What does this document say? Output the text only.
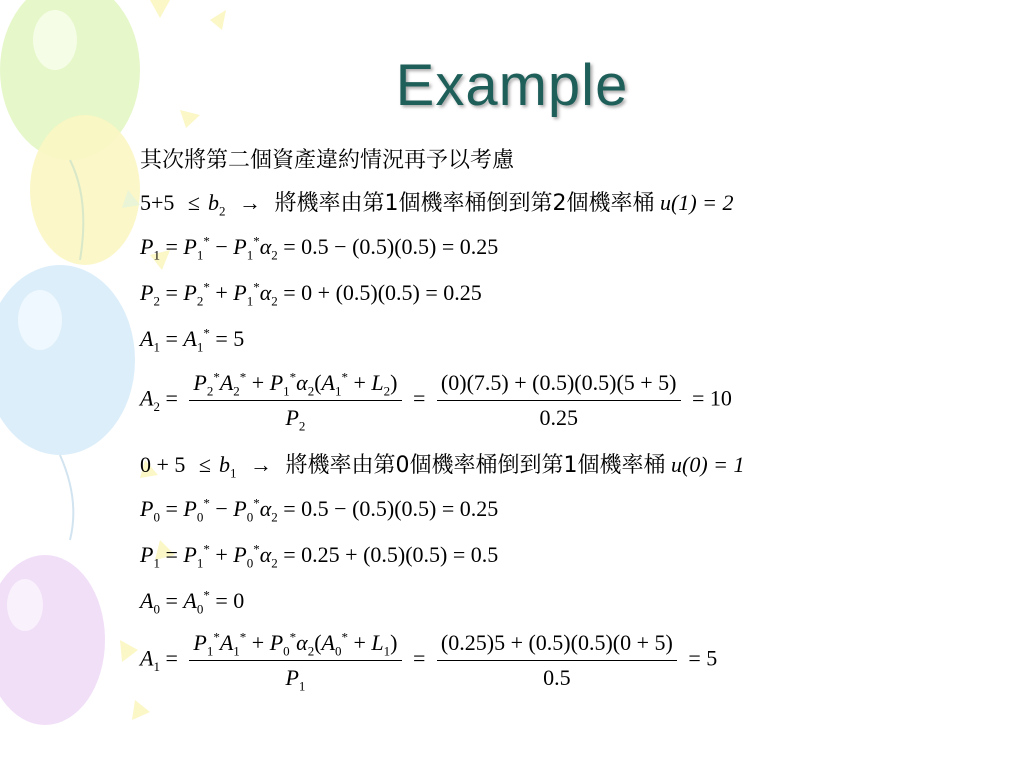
Example
其次將第二個資產違約情況再予以考慮
$5+5 \le b_2$ → 將機率由第1個機率桶倒到第2個機率桶 u(1) = 2
$P_1 = P_1^* - P_1^*\alpha_2 = 0.5 - (0.5)(0.5) = 0.25$
$P_2 = P_2^* + P_1^*\alpha_2 = 0 + (0.5)(0.5) = 0.25$
$A_1 = A_1^* = 5$
$A_2 = \frac{P_2^*A_2^* + P_1^*\alpha_2(A_1^* + L_2)}{P_2} = \frac{(0)(7.5) + (0.5)(0.5)(5 + 5)}{0.25} = 10$
$0 + 5 \le b_1$ → 將機率由第0個機率桶倒到第1個機率桶 u(0) = 1
$P_0 = P_0^* - P_0^*\alpha_2 = 0.5 - (0.5)(0.5) = 0.25$
$P_1 = P_1^* + P_0^*\alpha_2 = 0.25 + (0.5)(0.5) = 0.5$
$A_0 = A_0^* = 0$
$A_1 = \frac{P_1^*A_1^* + P_0^*\alpha_2(A_0^* + L_1)}{P_1} = \frac{(0.25)5 + (0.5)(0.5)(0 + 5)}{0.5} = 5$
